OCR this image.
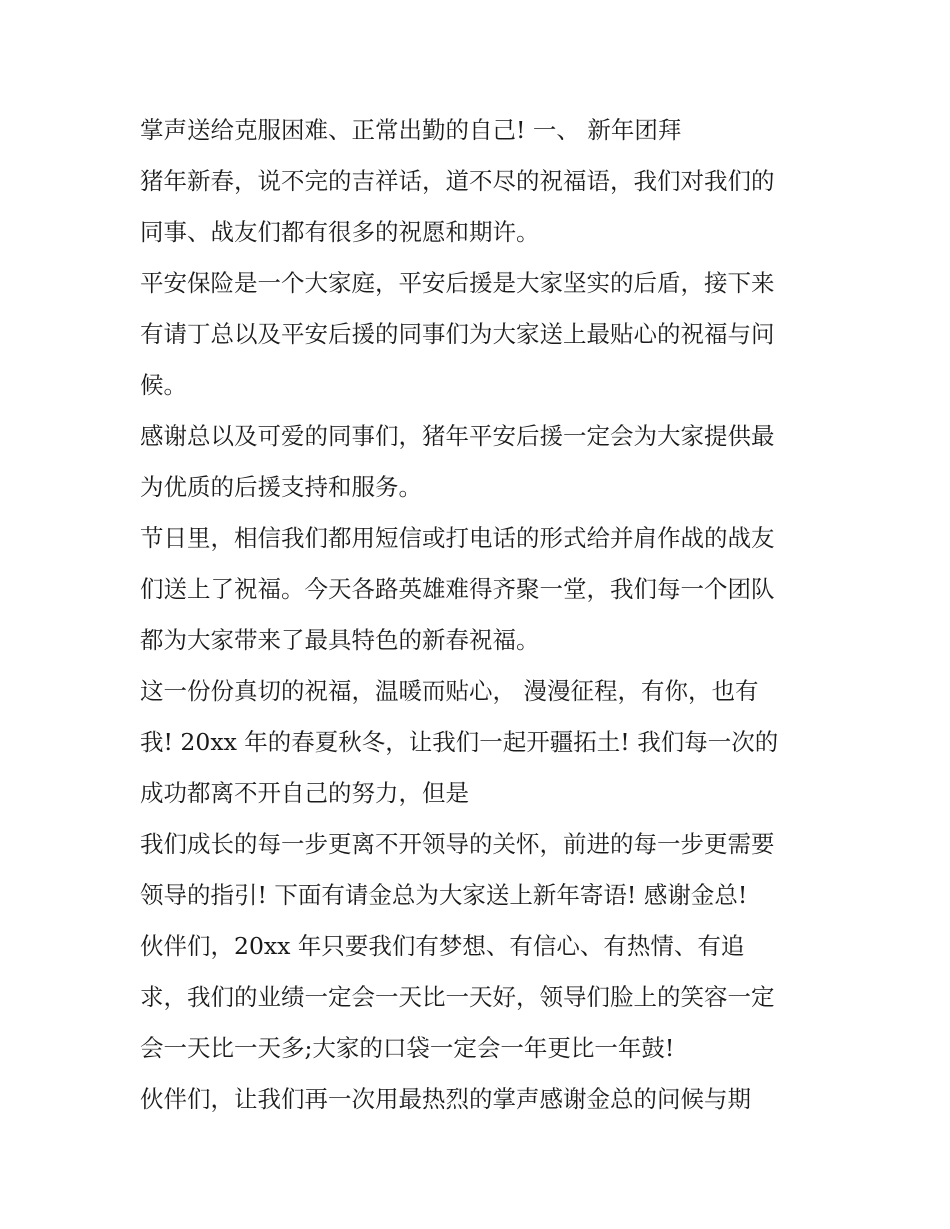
掌声送给克服困难、正常出勤的自己! 一、 新年团拜
猪年新春，说不完的吉祥话，道不尽的祝福语，我们对我们的
同事、战友们都有很多的祝愿和期许。
平安保险是一个大家庭，平安后援是大家坚实的后盾，接下来
有请丁总以及平安后援的同事们为大家送上最贴心的祝福与问
候。
感谢总以及可爱的同事们，猪年平安后援一定会为大家提供最
为优质的后援支持和服务。
节日里，相信我们都用短信或打电话的形式给并肩作战的战友
们送上了祝福。今天各路英雄难得齐聚一堂，我们每一个团队
都为大家带来了最具特色的新春祝福。
这一份份真切的祝福，温暖而贴心， 漫漫征程，有你，也有
我! 20xx 年的春夏秋冬，让我们一起开疆拓土! 我们每一次的
成功都离不开自己的努力，但是
我们成长的每一步更离不开领导的关怀，前进的每一步更需要
领导的指引! 下面有请金总为大家送上新年寄语! 感谢金总!
伙伴们，20xx 年只要我们有梦想、有信心、有热情、有追
求，我们的业绩一定会一天比一天好，领导们脸上的笑容一定
会一天比一天多;大家的口袋一定会一年更比一年鼓!
伙伴们，让我们再一次用最热烈的掌声感谢金总的问候与期
